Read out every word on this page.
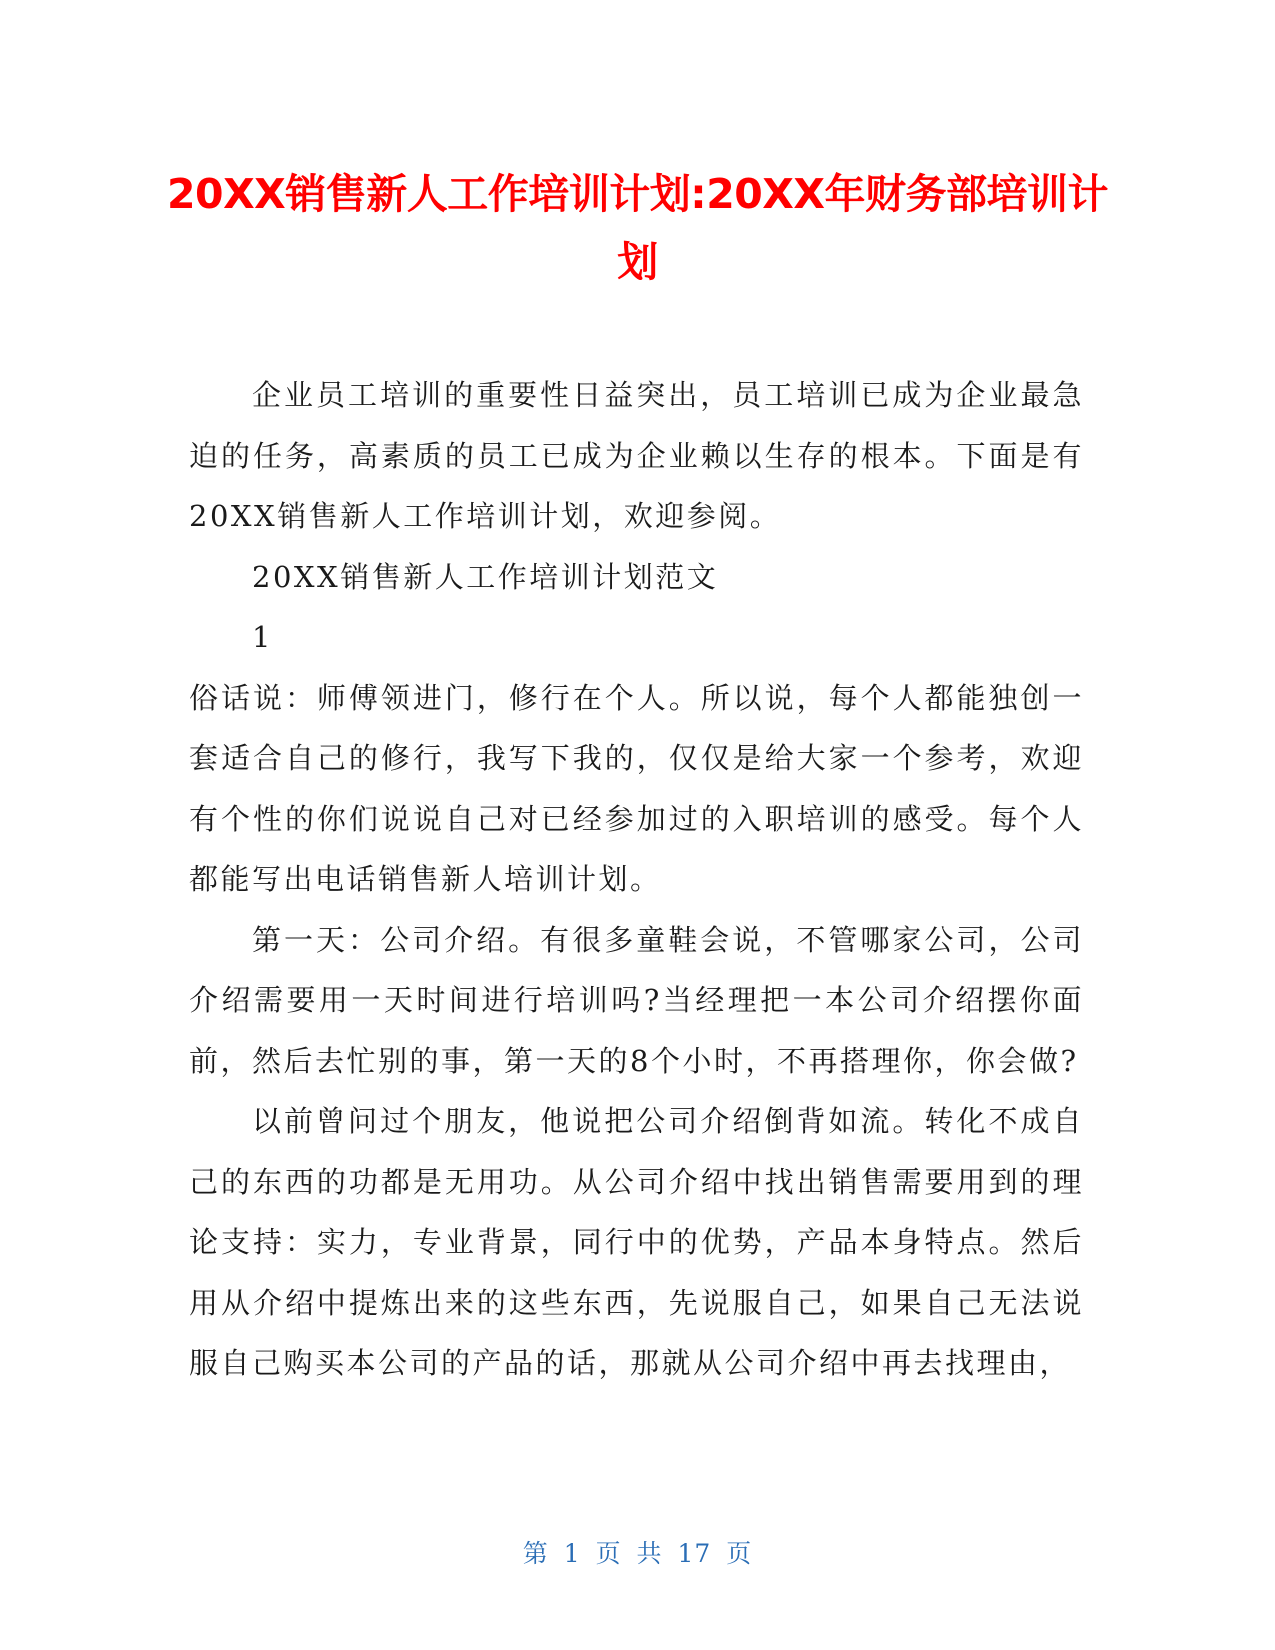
20XX销售新人工作培训计划:20XX年财务部培训计划

企业员工培训的重要性日益突出，员工培训已成为企业最急迫的任务，高素质的员工已成为企业赖以生存的根本。下面是有20XX销售新人工作培训计划，欢迎参阅。

20XX销售新人工作培训计划范文

1

俗话说：师傅领进门，修行在个人。所以说，每个人都能独创一套适合自己的修行，我写下我的，仅仅是给大家一个参考，欢迎有个性的你们说说自己对已经参加过的入职培训的感受。每个人都能写出电话销售新人培训计划。

第一天：公司介绍。有很多童鞋会说，不管哪家公司，公司介绍需要用一天时间进行培训吗?当经理把一本公司介绍摆你面前，然后去忙别的事，第一天的8个小时，不再搭理你，你会做?

以前曾问过个朋友，他说把公司介绍倒背如流。转化不成自己的东西的功都是无用功。从公司介绍中找出销售需要用到的理论支持：实力，专业背景，同行中的优势，产品本身特点。然后用从介绍中提炼出来的这些东西，先说服自己，如果自己无法说服自己购买本公司的产品的话，那就从公司介绍中再去找理由，

第 1 页 共 17 页
